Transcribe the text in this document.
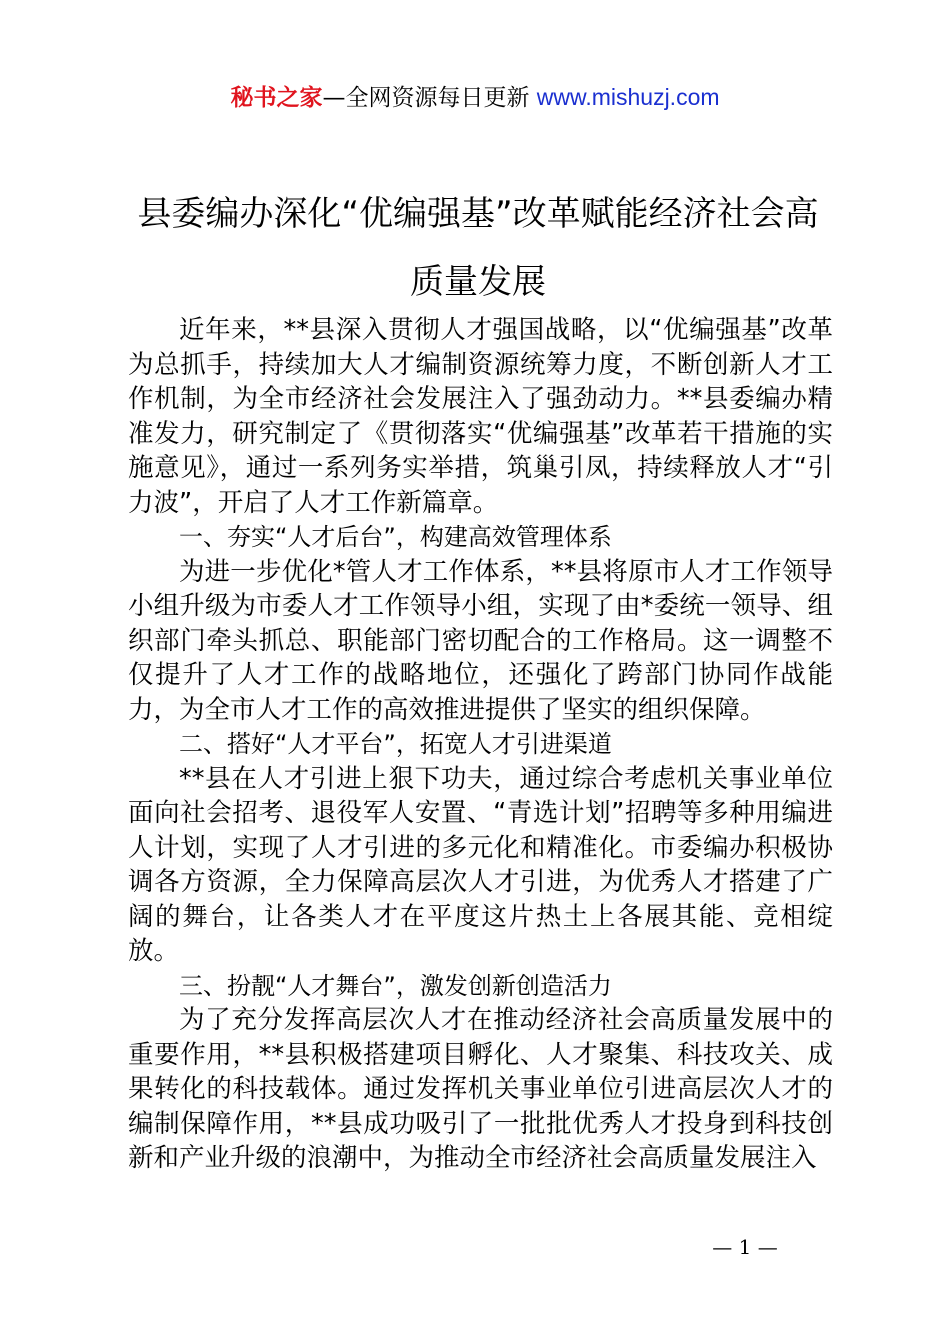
秘书之家—全网资源每日更新 www.mishuzj.com
县委编办深化“优编强基”改革赋能经济社会高质量发展

近年来，**县深入贯彻人才强国战略，以“优编强基”改革为总抓手，持续加大人才编制资源统筹力度，不断创新人才工作机制，为全市经济社会发展注入了强劲动力。**县委编办精准发力，研究制定了《贯彻落实“优编强基”改革若干措施的实施意见》，通过一系列务实举措，筑巢引凤，持续释放人才“引力波”，开启了人才工作新篇章。

一、夯实“人才后台”，构建高效管理体系

为进一步优化*管人才工作体系，**县将原市人才工作领导小组升级为市委人才工作领导小组，实现了由*委统一领导、组织部门牵头抓总、职能部门密切配合的工作格局。这一调整不仅提升了人才工作的战略地位，还强化了跨部门协同作战能力，为全市人才工作的高效推进提供了坚实的组织保障。

二、搭好“人才平台”，拓宽人才引进渠道

**县在人才引进上狠下功夫，通过综合考虑机关事业单位面向社会招考、退役军人安置、“青选计划”招聘等多种用编进人计划，实现了人才引进的多元化和精准化。市委编办积极协调各方资源，全力保障高层次人才引进，为优秀人才搭建了广阔的舞台，让各类人才在平度这片热土上各展其能、竞相绽放。

三、扮靓“人才舞台”，激发创新创造活力

为了充分发挥高层次人才在推动经济社会高质量发展中的重要作用，**县积极搭建项目孵化、人才聚集、科技攻关、成果转化的科技载体。通过发挥机关事业单位引进高层次人才的编制保障作用，**县成功吸引了一批批优秀人才投身到科技创新和产业升级的浪潮中，为推动全市经济社会高质量发展注入

— 1 —
